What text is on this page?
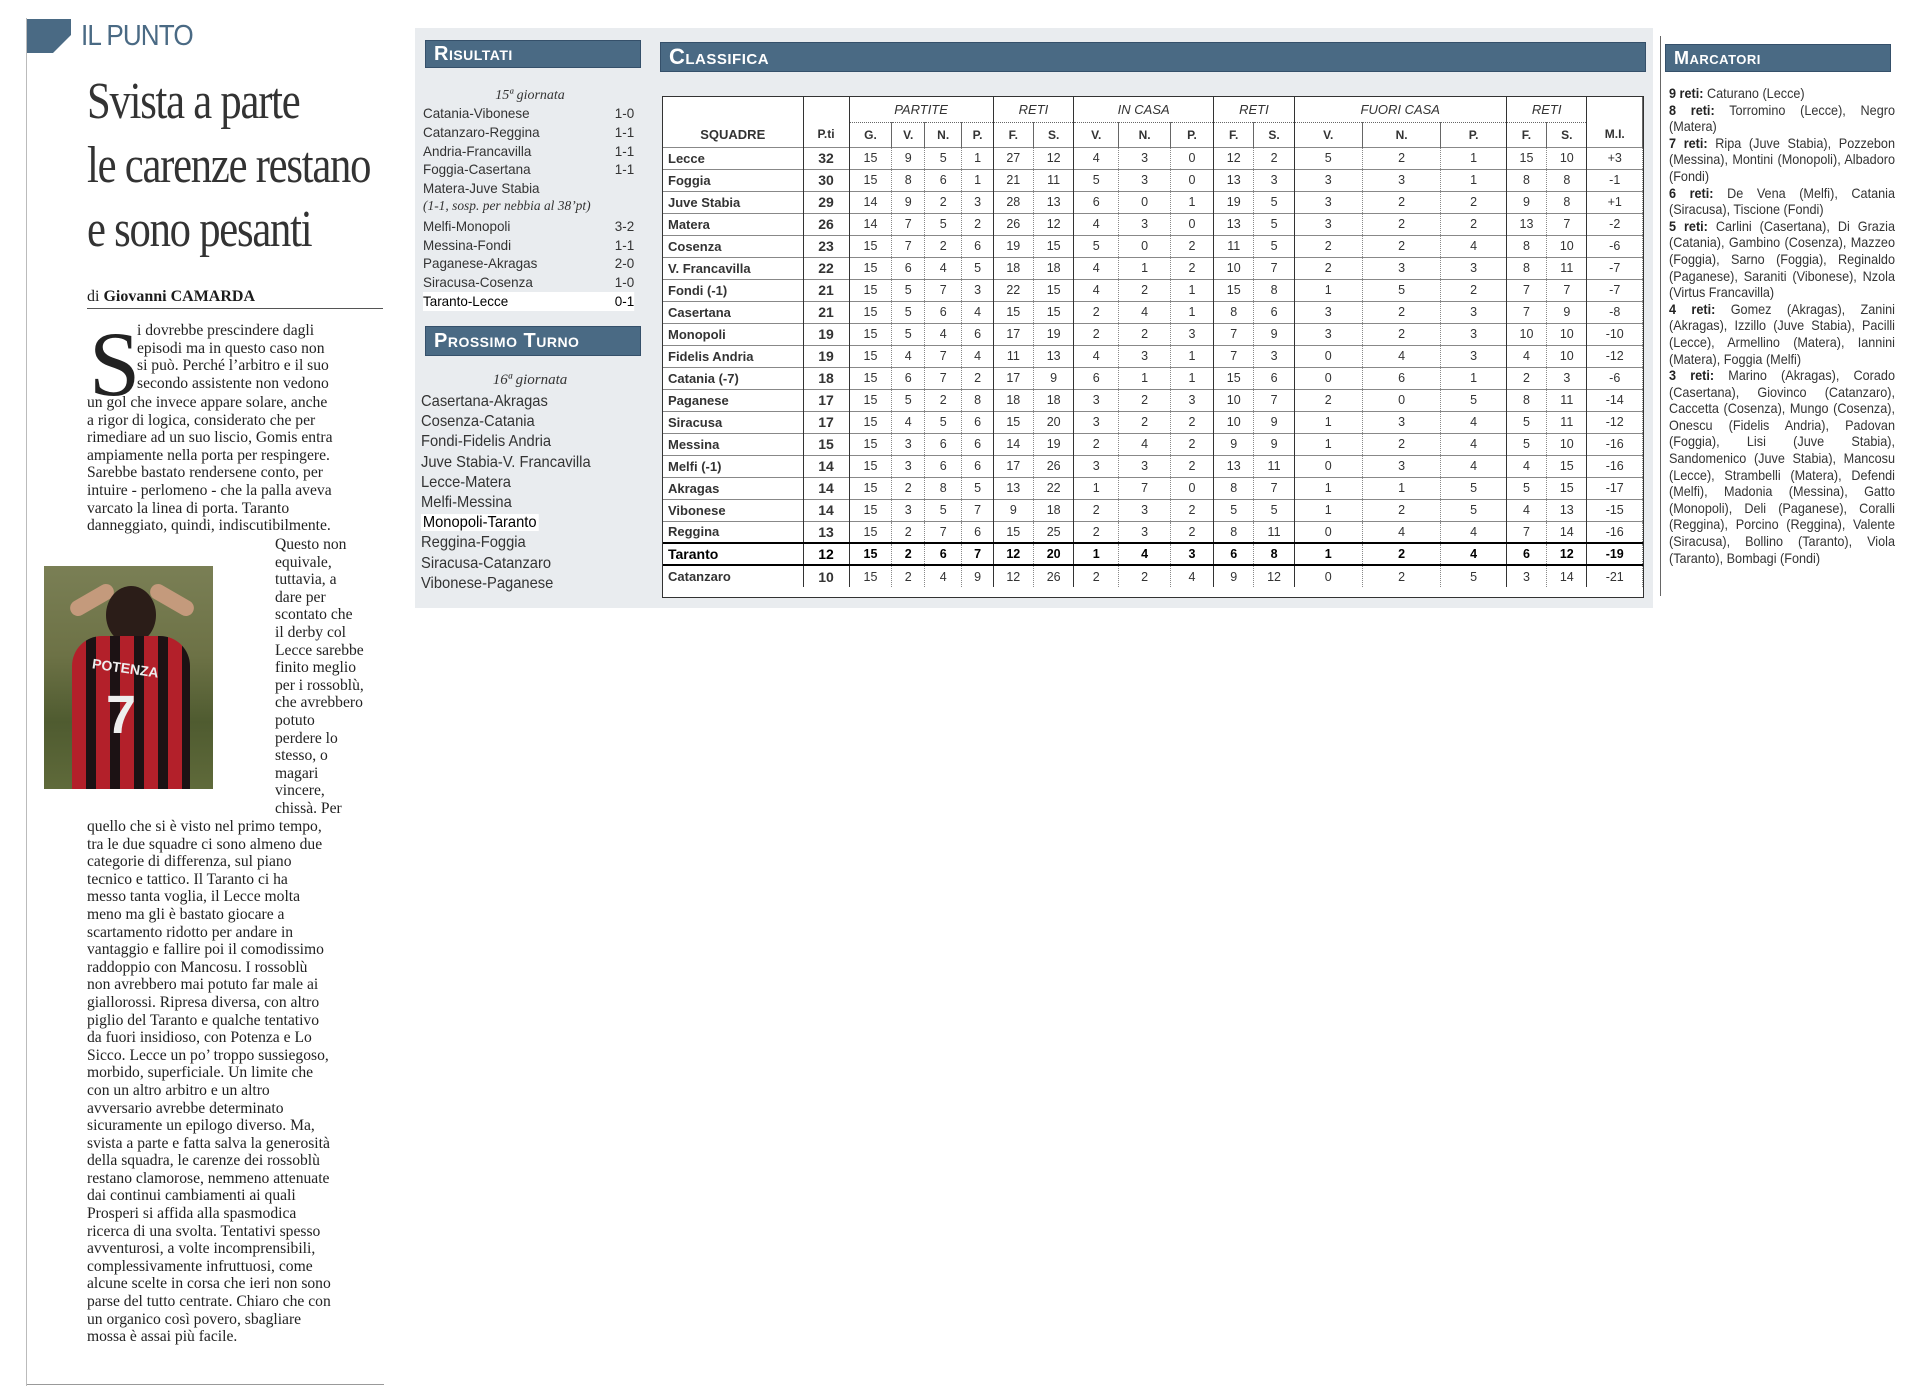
IL PUNTO
Svista a parte
le carenze restano
e sono pesanti
di Giovanni CAMARDA
S
i dovrebbe prescindere dagli
episodi ma in questo caso non
si può. Perché l’arbitro e il suo
secondo assistente non vedono
un gol che invece appare solare, anche
a rigor di logica, considerato che per
rimediare ad un suo liscio, Gomis entra
ampiamente nella porta per respingere.
Sarebbe bastato rendersene conto, per
intuire - perlomeno - che la palla aveva
varcato la linea di porta. Taranto
danneggiato, quindi, indiscutibilmente.
POTENZA
7
Questo non
equivale,
tuttavia, a
dare per
scontato che
il derby col
Lecce sarebbe
finito meglio
per i rossoblù,
che avrebbero
potuto
perdere lo
stesso, o
magari
vincere,
chissà. Per
quello che si è visto nel primo tempo,
tra le due squadre ci sono almeno due
categorie di differenza, sul piano
tecnico e tattico. Il Taranto ci ha
messo tanta voglia, il Lecce molta
meno ma gli è bastato giocare a
scartamento ridotto per andare in
vantaggio e fallire poi il comodissimo
raddoppio con Mancosu. I rossoblù
non avrebbero mai potuto far male ai
giallorossi. Ripresa diversa, con altro
piglio del Taranto e qualche tentativo
da fuori insidioso, con Potenza e Lo
Sicco. Lecce un po’ troppo sussiegoso,
morbido, superficiale. Un limite che
con un altro arbitro e un altro
avversario avrebbe determinato
sicuramente un epilogo diverso. Ma,
svista a parte e fatta salva la generosità
della squadra, le carenze dei rossoblù
restano clamorose, nemmeno attenuate
dai continui cambiamenti ai quali
Prosperi si affida alla spasmodica
ricerca di una svolta. Tentativi spesso
avventurosi, a volte incomprensibili,
complessivamente infruttuosi, come
alcune scelte in corsa che ieri non sono
parse del tutto centrate. Chiaro che con
un organico così povero, sbagliare
mossa è assai più facile.
Risultati
15ª giornata
Catania-Vibonese	1-0
Catanzaro-Reggina	1-1
Andria-Francavilla	1-1
Foggia-Casertana	1-1
Matera-Juve Stabia
(1-1, sosp. per nebbia al 38’pt)
Melfi-Monopoli	3-2
Messina-Fondi	1-1
Paganese-Akragas	2-0
Siracusa-Cosenza	1-0
Taranto-Lecce	0-1
Prossimo Turno
16ª giornata
Casertana-Akragas
Cosenza-Catania
Fondi-Fidelis Andria
Juve Stabia-V. Francavilla
Lecce-Matera
Melfi-Messina
Monopoli-Taranto
Reggina-Foggia
Siracusa-Catanzaro
Vibonese-Paganese
Classifica
		PARTITE				RETI		IN CASA			RETI		FUORI CASA			RETI		
SQUADRE	P.ti	G.	V.	N.	P.	F.	S.	V.	N.	P.	F.	S.	V.	N.	P.	F.	S.	M.I.
Lecce	32	15	9	5	1	27	12	4	3	0	12	2	5	2	1	15	10	+3
Foggia	30	15	8	6	1	21	11	5	3	0	13	3	3	3	1	8	8	-1
Juve Stabia	29	14	9	2	3	28	13	6	0	1	19	5	3	2	2	9	8	+1
Matera	26	14	7	5	2	26	12	4	3	0	13	5	3	2	2	13	7	-2
Cosenza	23	15	7	2	6	19	15	5	0	2	11	5	2	2	4	8	10	-6
V. Francavilla	22	15	6	4	5	18	18	4	1	2	10	7	2	3	3	8	11	-7
Fondi (-1)	21	15	5	7	3	22	15	4	2	1	15	8	1	5	2	7	7	-7
Casertana	21	15	5	6	4	15	15	2	4	1	8	6	3	2	3	7	9	-8
Monopoli	19	15	5	4	6	17	19	2	2	3	7	9	3	2	3	10	10	-10
Fidelis Andria	19	15	4	7	4	11	13	4	3	1	7	3	0	4	3	4	10	-12
Catania (-7)	18	15	6	7	2	17	9	6	1	1	15	6	0	6	1	2	3	-6
Paganese	17	15	5	2	8	18	18	3	2	3	10	7	2	0	5	8	11	-14
Siracusa	17	15	4	5	6	15	20	3	2	2	10	9	1	3	4	5	11	-12
Messina	15	15	3	6	6	14	19	2	4	2	9	9	1	2	4	5	10	-16
Melfi (-1)	14	15	3	6	6	17	26	3	3	2	13	11	0	3	4	4	15	-16
Akragas	14	15	2	8	5	13	22	1	7	0	8	7	1	1	5	5	15	-17
Vibonese	14	15	3	5	7	9	18	2	3	2	5	5	1	2	5	4	13	-15
Reggina	13	15	2	7	6	15	25	2	3	2	8	11	0	4	4	7	14	-16
Taranto	12	15	2	6	7	12	20	1	4	3	6	8	1	2	4	6	12	-19
Catanzaro	10	15	2	4	9	12	26	2	2	4	9	12	0	2	5	3	14	-21
Marcatori
9 reti: Caturano (Lecce)
8 reti: Torromino (Lecce), Negro (Matera)
7 reti: Ripa (Juve Stabia), Pozzebon (Messina), Montini (Monopoli), Albadoro (Fondi)
6 reti: De Vena (Melfi), Catania (Siracusa), Tiscione (Fondi)
5 reti: Carlini (Casertana), Di Grazia (Catania), Gambino (Cosenza), Mazzeo (Foggia), Sarno (Foggia), Reginaldo (Paganese), Saraniti (Vibonese), Nzola (Virtus Francavilla)
4 reti: Gomez (Akragas), Zanini (Akragas), Izzillo (Juve Stabia), Pacilli (Lecce), Armellino (Matera), Iannini (Matera), Foggia (Melfi)
3 reti: Marino (Akragas), Corado (Casertana), Giovinco (Catanzaro), Caccetta (Cosenza), Mungo (Cosenza), Onescu (Fidelis Andria), Padovan (Foggia), Lisi (Juve Stabia), Sandomenico (Juve Stabia), Mancosu (Lecce), Strambelli (Matera), Defendi (Melfi), Madonia (Messina), Gatto (Monopoli), Deli (Paganese), Coralli (Reggina), Porcino (Reggina), Valente (Siracusa), Bollino (Taranto), Viola (Taranto), Bombagi (Fondi)
